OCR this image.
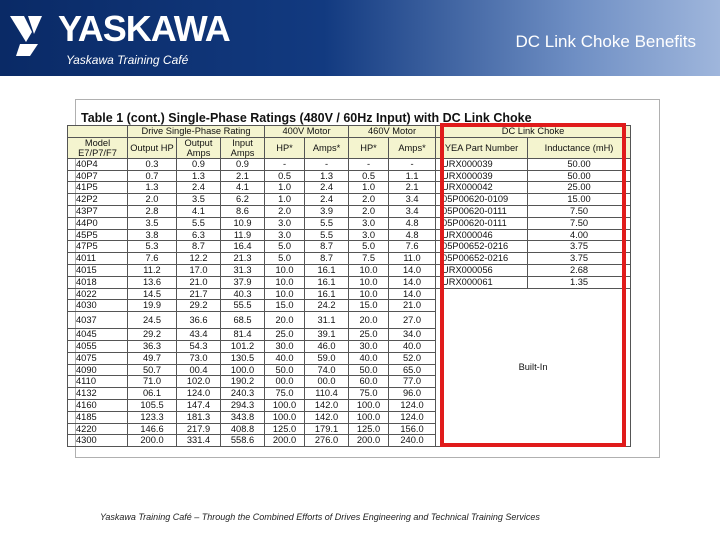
YASKAWA
Yaskawa Training Café
DC Link Choke Benefits
Table 1 (cont.) Single-Phase Ratings (480V / 60Hz Input) with DC Link Choke
	Drive Single-Phase Rating			400V Motor		460V Motor		DC Link Choke	
Model E7/P7/F7	Output HP	Output Amps	Input Amps	HP*	Amps*	HP*	Amps*	YEA Part Number	Inductance (mH)
40P4	0.3	0.9	0.9	-	-	-	-	URX000039	50.00
40P7	0.7	1.3	2.1	0.5	1.3	0.5	1.1	URX000039	50.00
41P5	1.3	2.4	4.1	1.0	2.4	1.0	2.1	URX000042	25.00
42P2	2.0	3.5	6.2	1.0	2.4	2.0	3.4	05P00620-0109	15.00
43P7	2.8	4.1	8.6	2.0	3.9	2.0	3.4	05P00620-0111	7.50
44P0	3.5	5.5	10.9	3.0	5.5	3.0	4.8	05P00620-0111	7.50
45P5	3.8	6.3	11.9	3.0	5.5	3.0	4.8	URX000046	4.00
47P5	5.3	8.7	16.4	5.0	8.7	5.0	7.6	05P00652-0216	3.75
4011	7.6	12.2	21.3	5.0	8.7	7.5	11.0	05P00652-0216	3.75
4015	11.2	17.0	31.3	10.0	16.1	10.0	14.0	URX000056	2.68
4018	13.6	21.0	37.9	10.0	16.1	10.0	14.0	URX000061	1.35
4022	14.5	21.7	40.3	10.0	16.1	10.0	14.0	Built-In	
4030	19.9	29.2	55.5	15.0	24.2	15.0	21.0		
4037	24.5	36.6	68.5	20.0	31.1	20.0	27.0		
4045	29.2	43.4	81.4	25.0	39.1	25.0	34.0		
4055	36.3	54.3	101.2	30.0	46.0	30.0	40.0		
4075	49.7	73.0	130.5	40.0	59.0	40.0	52.0		
4090	50.7	00.4	100.0	50.0	74.0	50.0	65.0		
4110	71.0	102.0	190.2	00.0	00.0	60.0	77.0		
4132	06.1	124.0	240.3	75.0	110.4	75.0	96.0		
4160	105.5	147.4	294.3	100.0	142.0	100.0	124.0		
4185	123.3	181.3	343.8	100.0	142.0	100.0	124.0		
4220	146.6	217.9	408.8	125.0	179.1	125.0	156.0		
4300	200.0	331.4	558.6	200.0	276.0	200.0	240.0		
Yaskawa Training Café – Through the Combined Efforts of Drives Engineering and Technical Training Services
